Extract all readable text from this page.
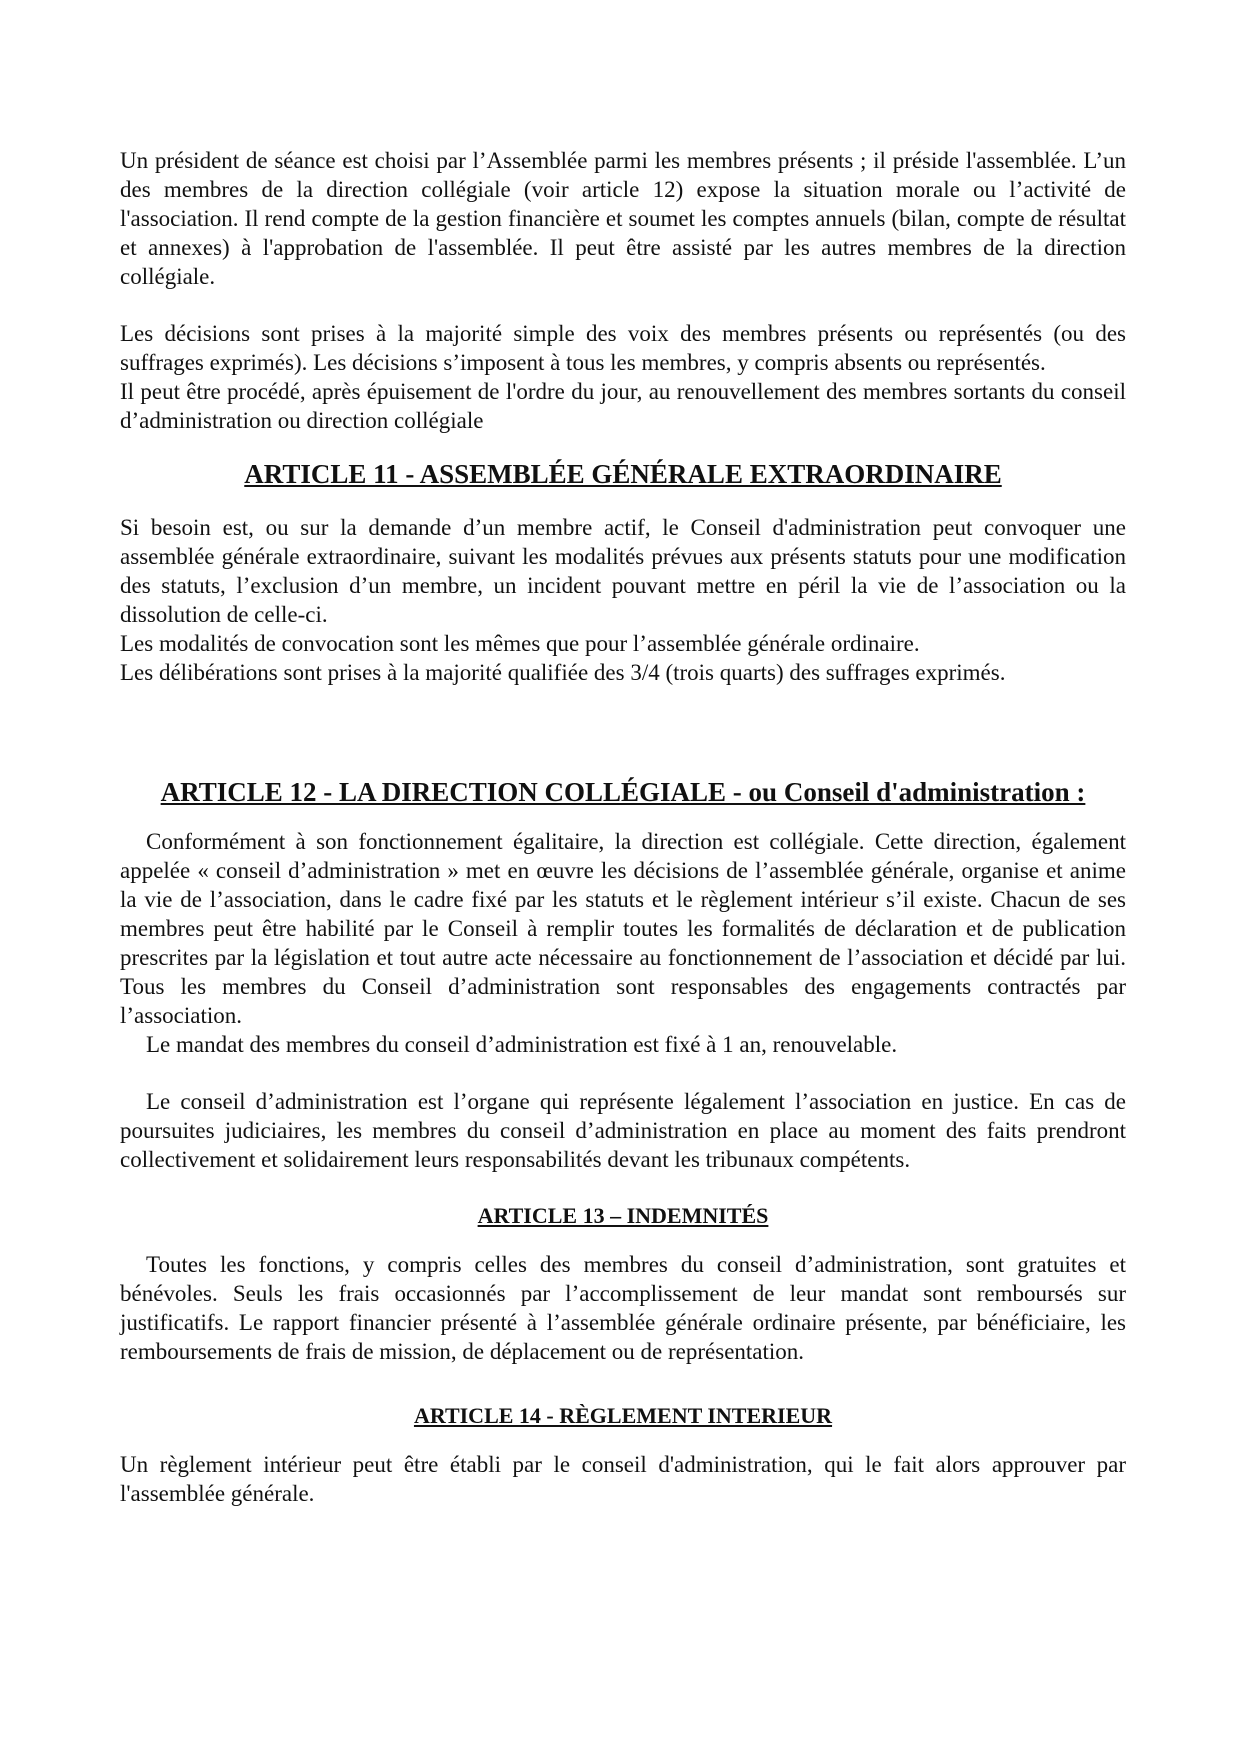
Un président de séance est choisi par l’Assemblée parmi les membres présents ; il préside l'assemblée. L’un des membres de la direction collégiale (voir article 12) expose la situation morale ou l’activité de l'association. Il rend compte de la gestion financière et soumet les comptes annuels (bilan, compte de résultat et annexes) à l'approbation de l'assemblée. Il peut être assisté par les autres membres de la direction collégiale.

Les décisions sont prises à la majorité simple des voix des membres présents ou représentés (ou des suffrages exprimés). Les décisions s’imposent à tous les membres, y compris absents ou représentés.

Il peut être procédé, après épuisement de l'ordre du jour, au renouvellement des membres sortants du conseil d’administration ou direction collégiale

ARTICLE 11 - ASSEMBLÉE GÉNÉRALE EXTRAORDINAIRE

Si besoin est, ou sur la demande d’un membre actif, le Conseil d'administration peut convoquer une assemblée générale extraordinaire, suivant les modalités prévues aux présents statuts pour une modification des statuts, l’exclusion d’un membre, un incident pouvant mettre en péril la vie de l’association ou la dissolution de celle-ci.

Les modalités de convocation sont les mêmes que pour l’assemblée générale ordinaire.

Les délibérations sont prises à la majorité qualifiée des 3/4 (trois quarts) des suffrages exprimés.

ARTICLE 12 - LA DIRECTION COLLÉGIALE - ou Conseil d'administration :

Conformément à son fonctionnement égalitaire, la direction est collégiale. Cette direction, également appelée « conseil d’administration » met en œuvre les décisions de l’assemblée générale, organise et anime la vie de l’association, dans le cadre fixé par les statuts et le règlement intérieur s’il existe. Chacun de ses membres peut être habilité par le Conseil à remplir toutes les formalités de déclaration et de publication prescrites par la législation et tout autre acte nécessaire au fonctionnement de l’association et décidé par lui. Tous les membres du Conseil d’administration sont responsables des engagements contractés par l’association.

Le mandat des membres du conseil d’administration est fixé à 1 an, renouvelable.

Le conseil d’administration est l’organe qui représente légalement l’association en justice. En cas de poursuites judiciaires, les membres du conseil d’administration en place au moment des faits prendront collectivement et solidairement leurs responsabilités devant les tribunaux compétents.

ARTICLE 13 – INDEMNITÉS

Toutes les fonctions, y compris celles des membres du conseil d’administration, sont gratuites et bénévoles. Seuls les frais occasionnés par l’accomplissement de leur mandat sont remboursés sur justificatifs. Le rapport financier présenté à l’assemblée générale ordinaire présente, par bénéficiaire, les remboursements de frais de mission, de déplacement ou de représentation.

ARTICLE 14 - RÈGLEMENT INTERIEUR

Un règlement intérieur peut être établi par le conseil d'administration, qui le fait alors approuver par l'assemblée générale.
